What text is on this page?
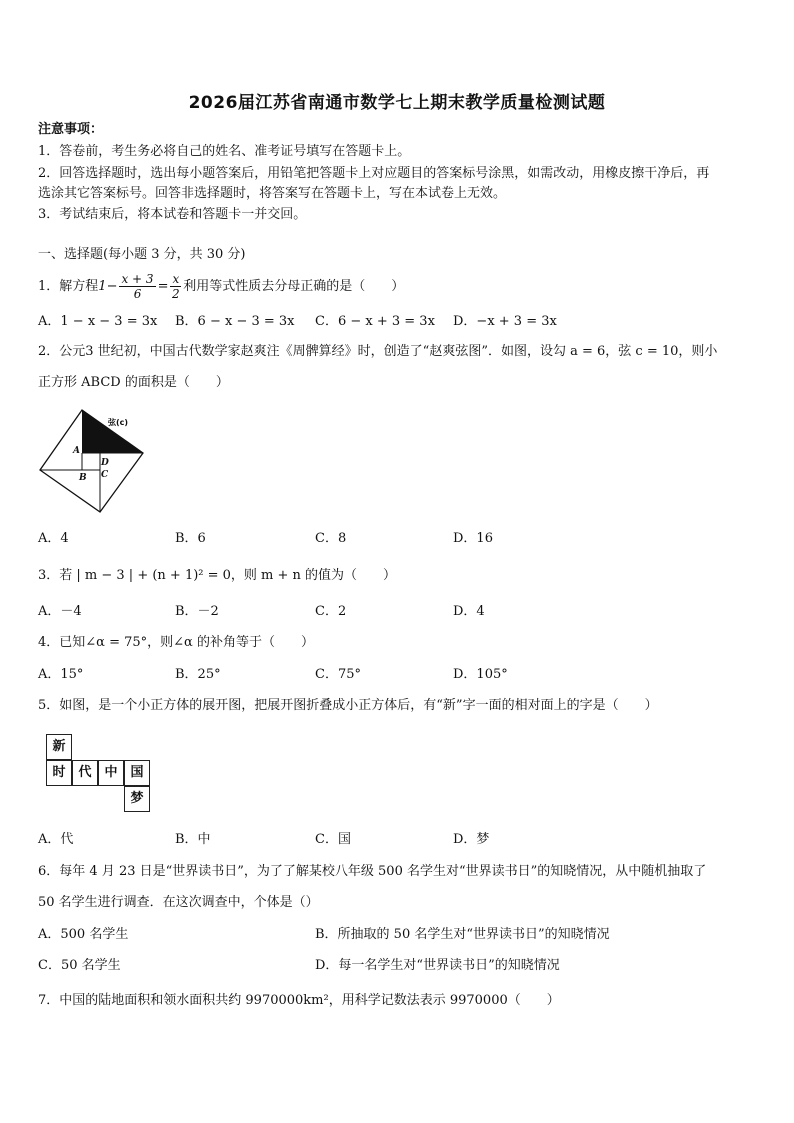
2026届江苏省南通市数学七上期末教学质量检测试题
注意事项：
1．答卷前，考生务必将自己的姓名、准考证号填写在答题卡上。
2．回答选择题时，选出每小题答案后，用铅笔把答题卡上对应题目的答案标号涂黑，如需改动，用橡皮擦干净后，再
选涂其它答案标号。回答非选择题时，将答案写在答题卡上，写在本试卷上无效。
3．考试结束后，将本试卷和答题卡一并交回。
一、选择题(每小题 3 分，共 30 分)
1．解方程$1- \frac{x + 3}{6} = \frac{x}{2}$ 利用等式性质去分母正确的是（　　）
A．1 − x − 3 = 3x B．6 − x − 3 = 3x C．6 − x + 3 = 3x D．−x + 3 = 3x
2．公元3 世纪初，中国古代数学家赵爽注《周髀算经》时，创造了“赵爽弦图”．如图，设勾 a = 6，弦 c = 10，则小
正方形 ABCD 的面积是（　　）
弦(c)
A
B C
D
A．4	B．6	C．8	D．16
3．若 | m − 3 | + (n + 1)² = 0，则 m + n 的值为（　　）
A．－4	B．－2	C．2	D．4
4．已知∠α = 75°，则∠α 的补角等于（　　）
A．15°	B．25°	C．75°	D．105°
5．如图，是一个小正方体的展开图，把展开图折叠成小正方体后，有“新”字一面的相对面上的字是（　　）
新
时 代 中 国
梦
A．代	B．中	C．国	D．梦
6．每年 4 月 23 日是“世界读书日”，为了了解某校八年级 500 名学生对“世界读书日”的知晓情况，从中随机抽取了
50 名学生进行调查．在这次调查中，个体是（）
A．500 名学生	B．所抽取的 50 名学生对“世界读书日”的知晓情况
C．50 名学生	D．每一名学生对“世界读书日”的知晓情况
7．中国的陆地面积和领水面积共约 9970000km²，用科学记数法表示 9970000（　　）
